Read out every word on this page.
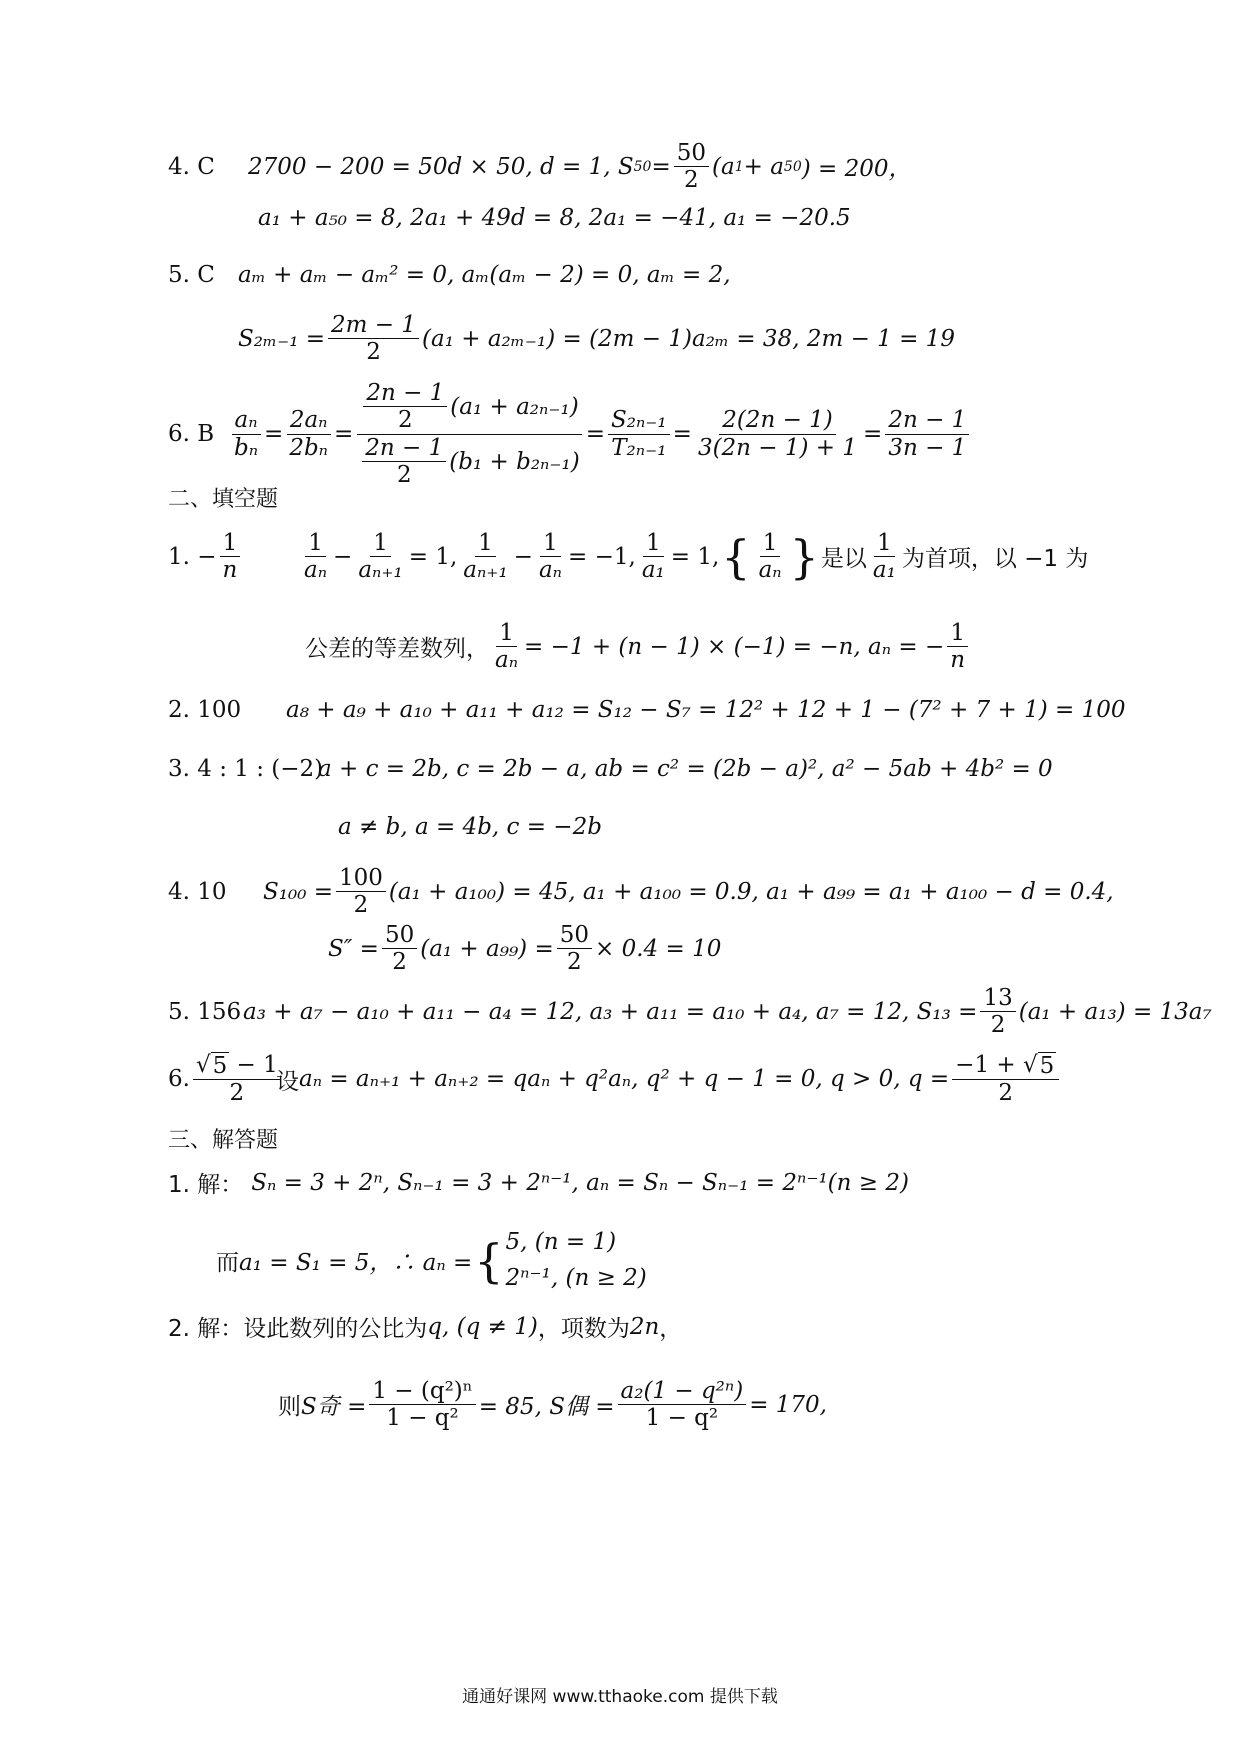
4. C	2700 − 200 = 50d × 50, d = 1, S $50 = \frac{50}{2} (a$ 1 + a 50 ) = 200，
a₁ + a₅₀ = 8, 2a₁ + 49d = 8, 2a₁ = −41, a₁ = −20.5
5. C	aₘ + aₘ − aₘ² = 0, aₘ(aₘ − 2) = 0, aₘ = 2,
$S_{2m-1} = \frac{2m - 1}{2} (a_1 + a_{2m-1}) = (2m - 1)a_{2m} = 38$, 2m − 1 = 19
6. B $\frac{\text{aₙ}}{\text{bₙ}} = \frac{\text{2aₙ}}{\text{2bₙ}} = \frac{\frac{2n - 1}{2} (a_1 + a_{2n-1})}{\frac{2n - 1}{2} (b_1 + b_{2n-1})} = \frac{\text{S₂ₙ₋₁}}{\text{T₂ₙ₋₁}} = \frac{2(2n - 1)}{3(2n - 1) + 1} = \frac{2n - 1}{3n - 1}$
二、填空题
1. − $\frac{1}{n}$	$\frac{1}{\text{aₙ}} - \frac{1}{\text{aₙ₊₁}} = 1$, $\frac{1}{\text{aₙ₊₁}} - \frac{1}{\text{aₙ}} = -1$, $\frac{1}{\text{a₁}} = 1$, { $\frac{1}{\text{aₙ}}$ } 是以 $\frac{1}{\text{a₁}}$ 为首项，以 −1 为
公差的等差数列， $\frac{1}{\text{aₙ}} = -1 + (n - 1) \times (-1) = -n$, aₙ = − $\frac{1}{n}$
2. 100	a₈ + a₉ + a₁₀ + a₁₁ + a₁₂ = S₁₂ − S₇ = 12² + 12 + 1 − (7² + 7 + 1) = 100
3. 4 : 1 : (−2)
a + c = 2b, c = 2b − a, ab = c² = (2b − a)², a² − 5ab + 4b² = 0
a ≠ b, a = 4b, c = −2b
4. 10	$S_{100} = \frac{100}{2} (a_1 + a_{100}) = 45$, a₁ + a₁₀₀ = 0.9, a₁ + a₉₉ = a₁ + a₁₀₀ − d = 0.4,
$S'' = \frac{50}{2} (a_1 + a_{99}) = \frac{50}{2} \times 0.4 = 10$
5. 156 a₃ + a₇ − a₁₀ + a₁₁ − a₄ = 12, a₃ + a₁₁ = a₁₀ + a₄, a₇ = 12, $S_{13} = \frac{13}{2} (a_1 + a_{13}) = 13a_7$
6. $\frac{√ 5 - 1}{2}$
设 aₙ = aₙ₊₁ + aₙ₊₂ = qaₙ + q²aₙ, q² + q − 1 = 0, q > 0, $q = \frac{-1 + √ 5}{2}$
三、解答题
1. 解： Sₙ = 3 + 2ⁿ, Sₙ₋₁ = 3 + 2ⁿ⁻¹, aₙ = Sₙ − Sₙ₋₁ = 2ⁿ⁻¹(n ≥ 2)
而 a₁ = S₁ = 5，∴ aₙ = { 5, (n = 1)
2ⁿ⁻¹, (n ≥ 2)
2. 解： 设此数列的公比为 q, (q ≠ 1) ，项数为 2n ，
则 S奇 = $\frac{\text{1 − (q²)ⁿ}}{\text{1 − q²}} = 85$, S偶 = $\frac{\text{a₂(1 − q²ⁿ)}}{\text{1 − q²}} = 170$,
通通好课网 www.tthaoke.com 提供下载
